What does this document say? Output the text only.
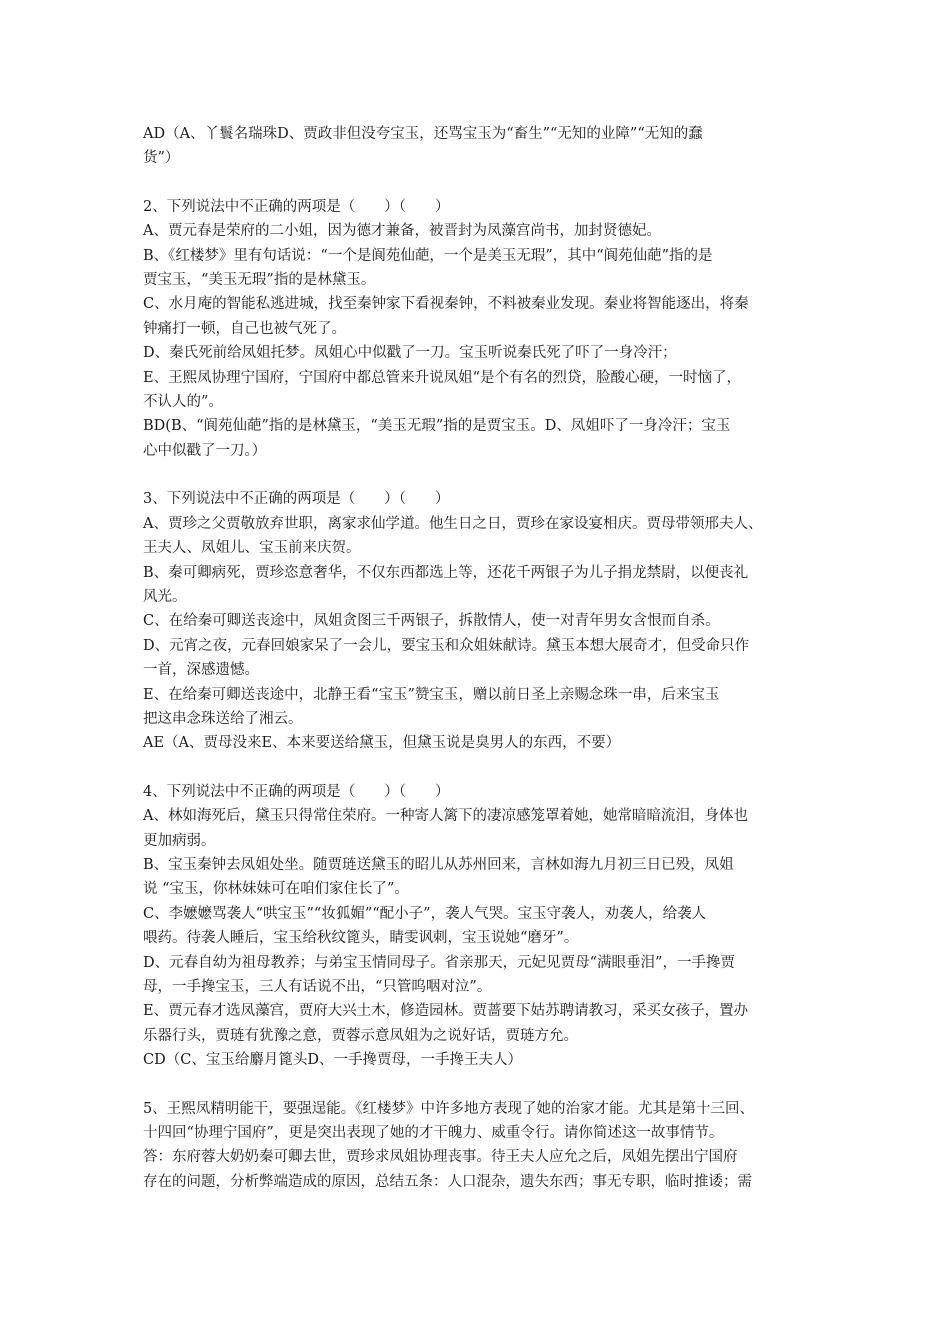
AD（A、丫鬟名瑞珠D、贾政非但没夸宝玉，还骂宝玉为“畜生”“无知的业障”“无知的蠢
货”）
2、下列说法中不正确的两项是（　　）（　　）
A、贾元春是荣府的二小姐，因为德才兼备，被晋封为凤藻宫尚书，加封贤德妃。
B、《红楼梦》里有句话说：“一个是阆苑仙葩，一个是美玉无瑕”，其中“阆苑仙葩”指的是
贾宝玉，“美玉无瑕”指的是林黛玉。
C、水月庵的智能私逃进城，找至秦钟家下看视秦钟，不料被秦业发现。秦业将智能逐出，将秦
钟痛打一顿，自己也被气死了。
D、秦氏死前给凤姐托梦。凤姐心中似戳了一刀。宝玉听说秦氏死了吓了一身冷汗；
E、王熙凤协理宁国府，宁国府中都总管来升说凤姐“是个有名的烈贷，脸酸心硬，一时恼了，
不认人的”。
BD(B、“阆苑仙葩”指的是林黛玉，“美玉无瑕”指的是贾宝玉。D、凤姐吓了一身冷汗；宝玉
心中似戳了一刀。）
3、下列说法中不正确的两项是（　　）（　　）
A、贾珍之父贾敬放弃世职，离家求仙学道。他生日之日，贾珍在家设宴相庆。贾母带领邢夫人、
王夫人、凤姐儿、宝玉前来庆贺。
B、秦可卿病死，贾珍恣意奢华，不仅东西都选上等，还花千两银子为儿子捐龙禁尉，以便丧礼
风光。
C、在给秦可卿送丧途中，凤姐贪图三千两银子，拆散情人，使一对青年男女含恨而自杀。
D、元宵之夜，元春回娘家呆了一会儿，要宝玉和众姐妹献诗。黛玉本想大展奇才，但受命只作
一首，深感遗憾。
E、在给秦可卿送丧途中，北静王看“宝玉”赞宝玉，赠以前日圣上亲赐念珠一串，后来宝玉
把这串念珠送给了湘云。
AE（A、贾母没来E、本来要送给黛玉，但黛玉说是臭男人的东西，不要）
4、下列说法中不正确的两项是（　　）（　　）
A、林如海死后，黛玉只得常住荣府。一种寄人篱下的凄凉感笼罩着她，她常暗暗流泪，身体也
更加病弱。
B、宝玉秦钟去凤姐处坐。随贾琏送黛玉的昭儿从苏州回来，言林如海九月初三日已殁，凤姐
说 “宝玉，你林妹妹可在咱们家住长了”。
C、李嬷嬷骂袭人“哄宝玉”“妆狐媚”“配小子”，袭人气哭。宝玉守袭人，劝袭人，给袭人
喂药。待袭人睡后，宝玉给秋纹篦头，睛雯讽刺，宝玉说她“磨牙”。
D、元春自幼为祖母教养；与弟宝玉情同母子。省亲那天，元妃见贾母“满眼垂泪”，一手搀贾
母，一手搀宝玉，三人有话说不出，“只管呜咽对泣”。
E、贾元春才选凤藻宫，贾府大兴土木，修造园林。贾蔷要下姑苏聘请教习，采买女孩子，置办
乐器行头，贾琏有犹豫之意，贾蓉示意凤姐为之说好话，贾琏方允。
CD（C、宝玉给麝月篦头D、一手搀贾母，一手搀王夫人）
5、王熙凤精明能干，要强逞能。《红楼梦》中许多地方表现了她的治家才能。尤其是第十三回、
十四回“协理宁国府”，更是突出表现了她的才干魄力、威重令行。请你简述这一故事情节。
答：东府蓉大奶奶秦可卿去世，贾珍求凤姐协理丧事。待王夫人应允之后，凤姐先摆出宁国府
存在的问题，分析弊端造成的原因，总结五条：人口混杂，遗失东西；事无专职，临时推诿；需
